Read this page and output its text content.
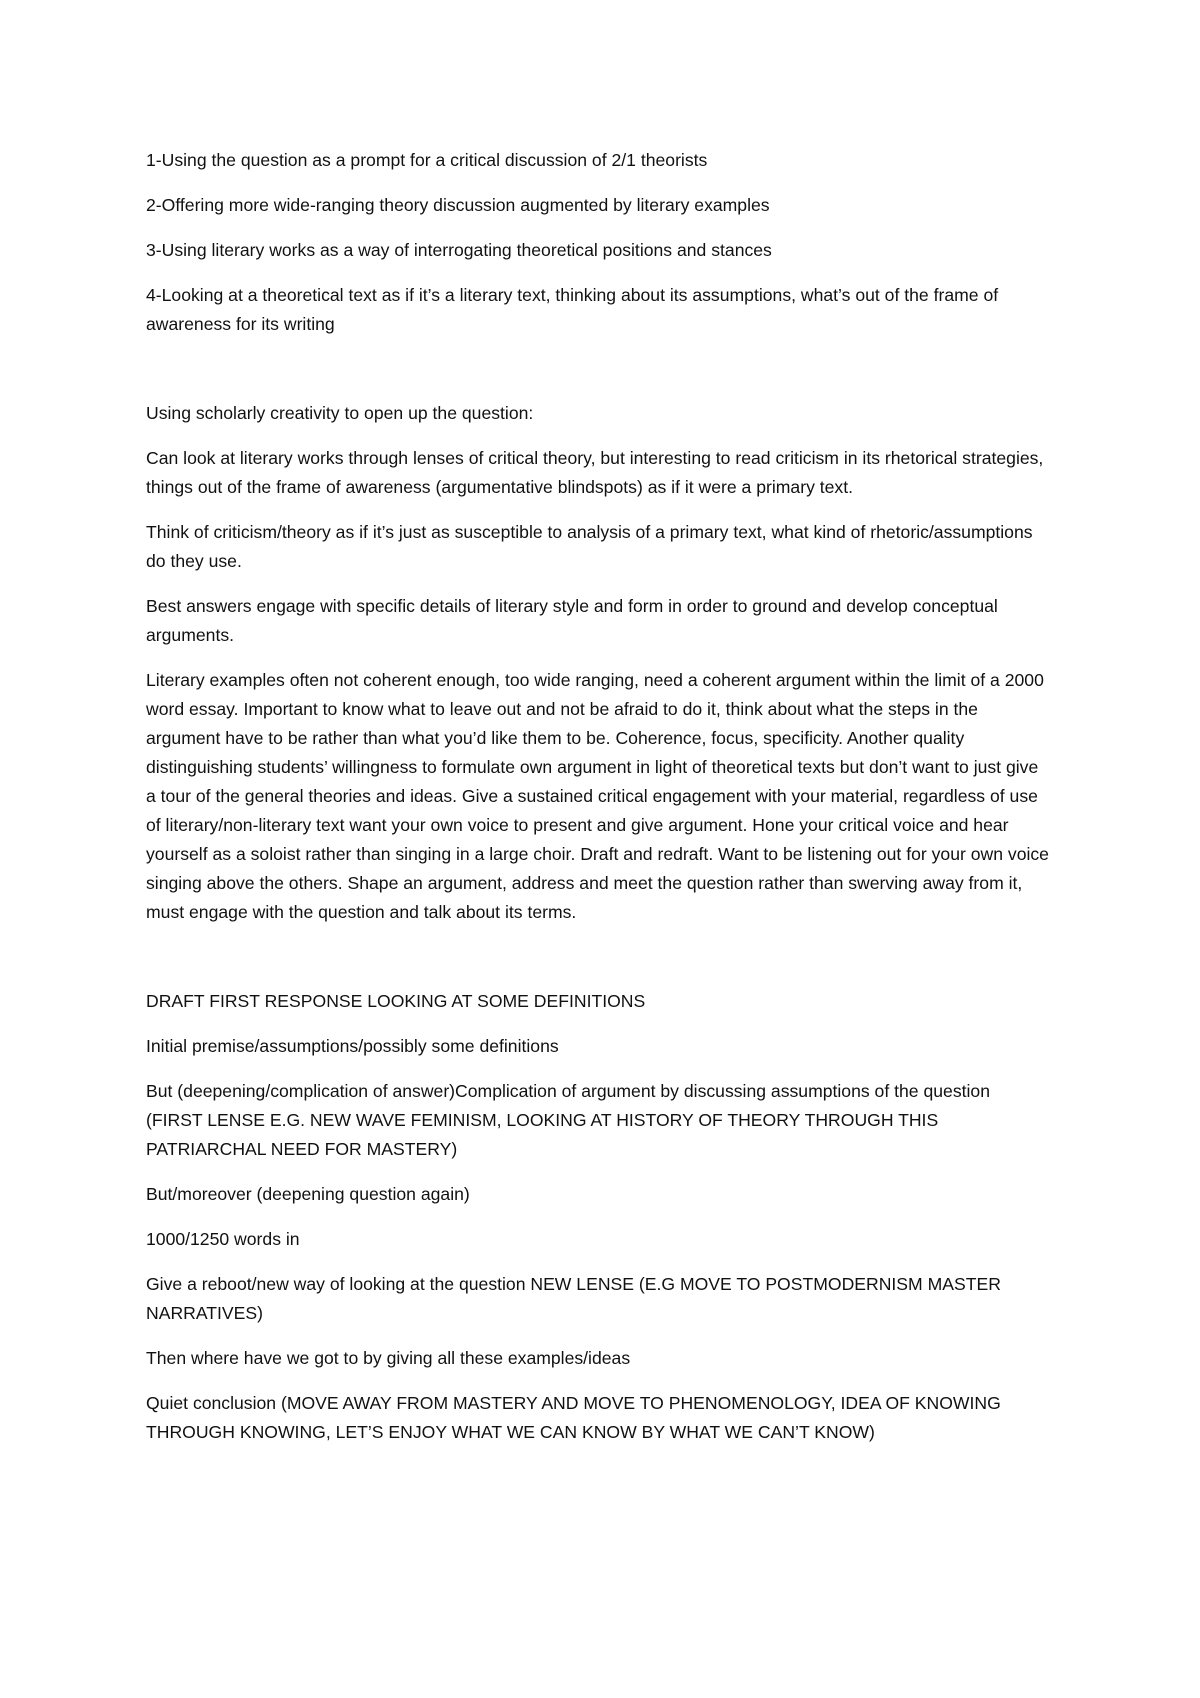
1-Using the question as a prompt for a critical discussion of 2/1 theorists

2-Offering more wide-ranging theory discussion augmented by literary examples

3-Using literary works as a way of interrogating theoretical positions and stances

4-Looking at a theoretical text as if it’s a literary text, thinking about its assumptions, what’s out of the frame of awareness for its writing

Using scholarly creativity to open up the question:

Can look at literary works through lenses of critical theory, but interesting to read criticism in its rhetorical strategies, things out of the frame of awareness (argumentative blindspots) as if it were a primary text.

Think of criticism/theory as if it’s just as susceptible to analysis of a primary text, what kind of rhetoric/assumptions do they use.

Best answers engage with specific details of literary style and form in order to ground and develop conceptual arguments.

Literary examples often not coherent enough, too wide ranging, need a coherent argument within the limit of a 2000 word essay. Important to know what to leave out and not be afraid to do it, think about what the steps in the argument have to be rather than what you’d like them to be. Coherence, focus, specificity. Another quality distinguishing students’ willingness to formulate own argument in light of theoretical texts but don’t want to just give a tour of the general theories and ideas. Give a sustained critical engagement with your material, regardless of use of literary/non-literary text want your own voice to present and give argument. Hone your critical voice and hear yourself as a soloist rather than singing in a large choir. Draft and redraft. Want to be listening out for your own voice singing above the others. Shape an argument, address and meet the question rather than swerving away from it, must engage with the question and talk about its terms.

DRAFT FIRST RESPONSE LOOKING AT SOME DEFINITIONS

Initial premise/assumptions/possibly some definitions

But (deepening/complication of answer)Complication of argument by discussing assumptions of the question (FIRST LENSE E.G. NEW WAVE FEMINISM, LOOKING AT HISTORY OF THEORY THROUGH THIS PATRIARCHAL NEED FOR MASTERY)

But/moreover (deepening question again)

1000/1250 words in

Give a reboot/new way of looking at the question NEW LENSE (E.G MOVE TO POSTMODERNISM MASTER NARRATIVES)

Then where have we got to by giving all these examples/ideas

Quiet conclusion (MOVE AWAY FROM MASTERY AND MOVE TO PHENOMENOLOGY, IDEA OF KNOWING THROUGH KNOWING, LET’S ENJOY WHAT WE CAN KNOW BY WHAT WE CAN’T KNOW)
